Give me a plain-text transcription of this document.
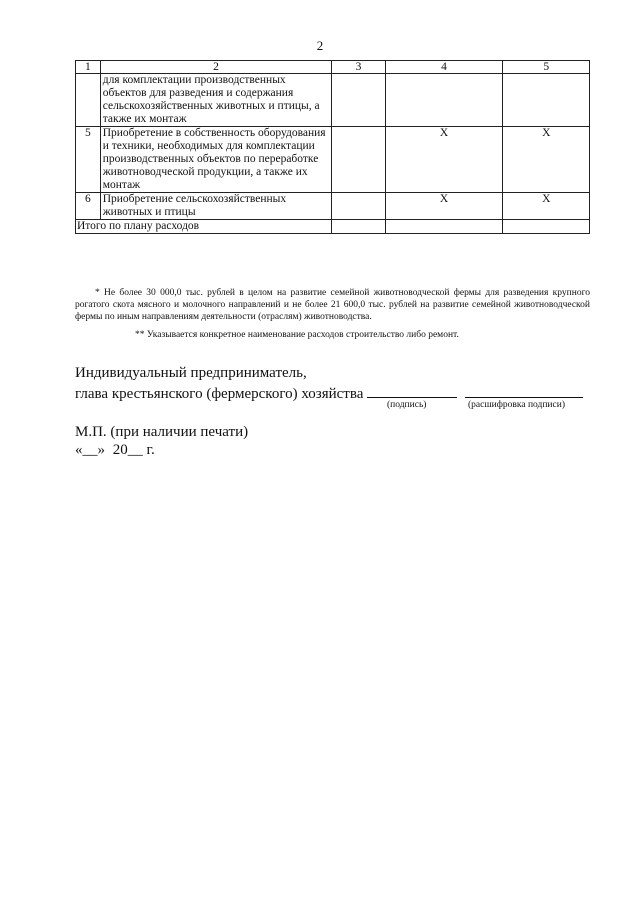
2
1	2	3	4	5
	для комплектации производственных объектов для разведения и содержания сельскохозяйственных животных и птицы, а также их монтаж			
5	Приобретение в собственность оборудования и техники, необходимых для комплектации производственных объектов по переработке животноводческой продукции, а также их монтаж		Х	Х
6	Приобретение сельскохозяйственных животных и птицы		Х	Х
Итого по плану расходов				

* Не более 30 000,0 тыс. рублей в целом на развитие семейной животноводческой фермы для разведения крупного рогатого скота мясного и молочного направлений и не более 21 600,0 тыс. рублей на развитие семейной животноводческой фермы по иным направлениям деятельности (отраслям) животноводства.

** Указывается конкретное наименование расходов строительство либо ремонт.

Индивидуальный предприниматель,
глава крестьянского (фермерского) хозяйства
(подпись)	(расшифровка подписи)
М.П. (при наличии печати)
«__» 20__ г.
